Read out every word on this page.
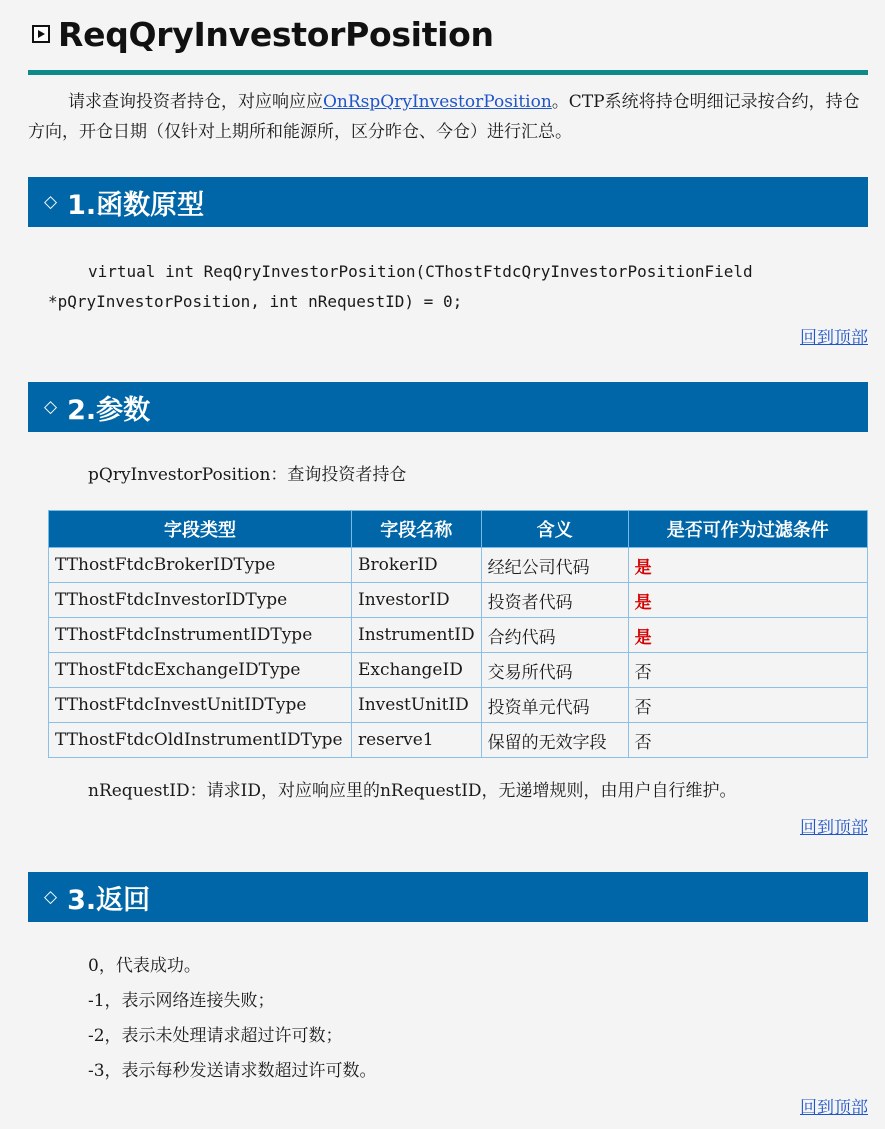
ReqQryInvestorPosition
请求查询投资者持仓，对应响应应OnRspQryInvestorPosition。CTP系统将持仓明细记录按合约，持仓方向，开仓日期（仅针对上期所和能源所，区分昨仓、今仓）进行汇总。
◇ 1.函数原型
virtual int ReqQryInvestorPosition(CThostFtdcQryInvestorPositionField
*pQryInvestorPosition, int nRequestID) = 0;
回到顶部
◇ 2.参数
pQryInvestorPosition：查询投资者持仓
字段类型	字段名称	含义	是否可作为过滤条件
TThostFtdcBrokerIDType	BrokerID	经纪公司代码	是
TThostFtdcInvestorIDType	InvestorID	投资者代码	是
TThostFtdcInstrumentIDType	InstrumentID	合约代码	是
TThostFtdcExchangeIDType	ExchangeID	交易所代码	否
TThostFtdcInvestUnitIDType	InvestUnitID	投资单元代码	否
TThostFtdcOldInstrumentIDType	reserve1	保留的无效字段	否
nRequestID：请求ID，对应响应里的nRequestID，无递增规则，由用户自行维护。
回到顶部
◇ 3.返回
0，代表成功。
-1，表示网络连接失败；
-2，表示未处理请求超过许可数；
-3，表示每秒发送请求数超过许可数。
回到顶部
